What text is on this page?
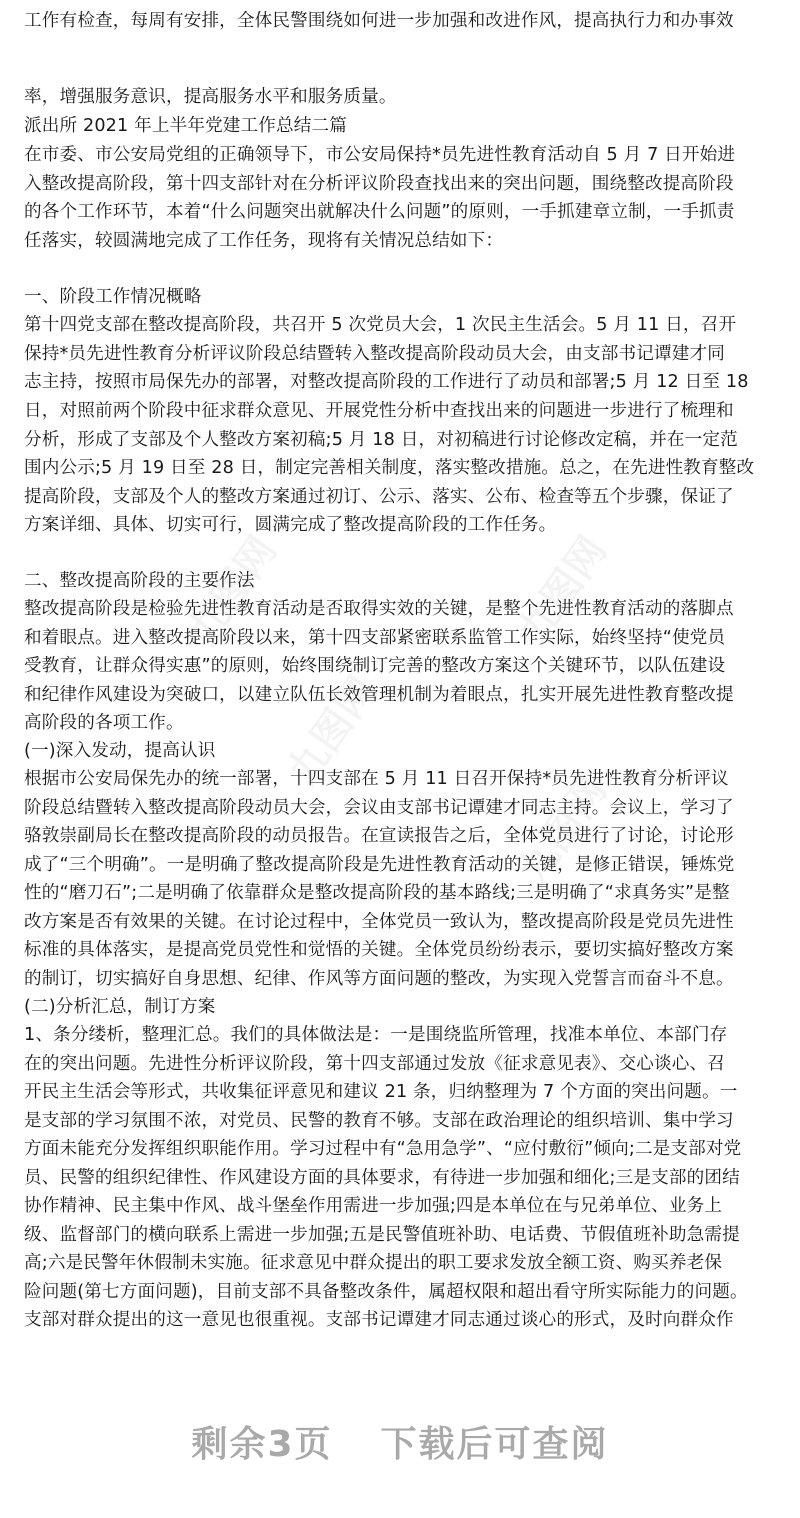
工作有检查，每周有安排，全体民警围绕如何进一步加强和改进作风，提高执行力和办事效
率，增强服务意识，提高服务水平和服务质量。
派出所 2021 年上半年党建工作总结二篇
在市委、市公安局党组的正确领导下，市公安局保持*员先进性教育活动自 5 月 7 日开始进
入整改提高阶段，第十四支部针对在分析评议阶段查找出来的突出问题，围绕整改提高阶段
的各个工作环节，本着“什么问题突出就解决什么问题”的原则，一手抓建章立制，一手抓责
任落实，较圆满地完成了工作任务，现将有关情况总结如下：
一、阶段工作情况概略
第十四党支部在整改提高阶段，共召开 5 次党员大会，1 次民主生活会。5 月 11 日，召开
保持*员先进性教育分析评议阶段总结暨转入整改提高阶段动员大会，由支部书记谭建才同
志主持，按照市局保先办的部署，对整改提高阶段的工作进行了动员和部署;5 月 12 日至 18
日，对照前两个阶段中征求群众意见、开展党性分析中查找出来的问题进一步进行了梳理和
分析，形成了支部及个人整改方案初稿;5 月 18 日，对初稿进行讨论修改定稿，并在一定范
围内公示;5 月 19 日至 28 日，制定完善相关制度，落实整改措施。总之，在先进性教育整改
提高阶段，支部及个人的整改方案通过初订、公示、落实、公布、检查等五个步骤，保证了
方案详细、具体、切实可行，圆满完成了整改提高阶段的工作任务。
二、整改提高阶段的主要作法
整改提高阶段是检验先进性教育活动是否取得实效的关键，是整个先进性教育活动的落脚点
和着眼点。进入整改提高阶段以来，第十四支部紧密联系监管工作实际，始终坚持“使党员
受教育，让群众得实惠”的原则，始终围绕制订完善的整改方案这个关键环节，以队伍建设
和纪律作风建设为突破口，以建立队伍长效管理机制为着眼点，扎实开展先进性教育整改提
高阶段的各项工作。
(一)深入发动，提高认识
根据市公安局保先办的统一部署，十四支部在 5 月 11 日召开保持*员先进性教育分析评议
阶段总结暨转入整改提高阶段动员大会，会议由支部书记谭建才同志主持。会议上，学习了
骆敦崇副局长在整改提高阶段的动员报告。在宣读报告之后，全体党员进行了讨论，讨论形
成了“三个明确”。一是明确了整改提高阶段是先进性教育活动的关键，是修正错误，锤炼党
性的“磨刀石”;二是明确了依靠群众是整改提高阶段的基本路线;三是明确了“求真务实”是整
改方案是否有效果的关键。在讨论过程中，全体党员一致认为，整改提高阶段是党员先进性
标准的具体落实，是提高党员党性和觉悟的关键。全体党员纷纷表示，要切实搞好整改方案
的制订，切实搞好自身思想、纪律、作风等方面问题的整改，为实现入党誓言而奋斗不息。
(二)分析汇总，制订方案
1、条分缕析，整理汇总。我们的具体做法是：一是围绕监所管理，找准本单位、本部门存
在的突出问题。先进性分析评议阶段，第十四支部通过发放《征求意见表》、交心谈心、召
开民主生活会等形式，共收集征评意见和建议 21 条，归纳整理为 7 个方面的突出问题。一
是支部的学习氛围不浓，对党员、民警的教育不够。支部在政治理论的组织培训、集中学习
方面未能充分发挥组织职能作用。学习过程中有“急用急学”、“应付敷衍”倾向;二是支部对党
员、民警的组织纪律性、作风建设方面的具体要求，有待进一步加强和细化;三是支部的团结
协作精神、民主集中作风、战斗堡垒作用需进一步加强;四是本单位在与兄弟单位、业务上
级、监督部门的横向联系上需进一步加强;五是民警值班补助、电话费、节假值班补助急需提
高;六是民警年休假制未实施。征求意见中群众提出的职工要求发放全额工资、购买养老保
险问题(第七方面问题)，目前支部不具备整改条件，属超权限和超出看守所实际能力的问题。
支部对群众提出的这一意见也很重视。支部书记谭建才同志通过谈心的形式，及时向群众作
剩余3页 下载后可查阅
